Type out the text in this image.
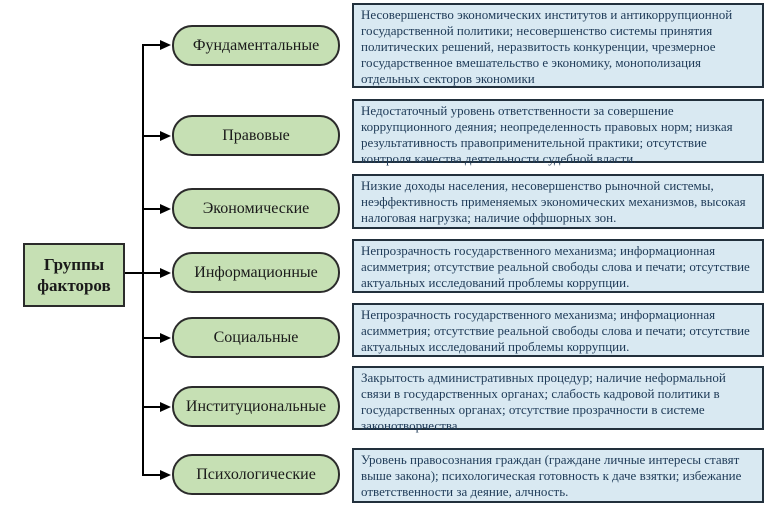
Группы факторов
Фундаментальные
Правовые
Экономические
Информационные
Социальные
Институциональные
Психологические
Несовершенство экономических институтов и антикоррупционной государственной политики; несовершенство системы принятия политических решений, неразвитость конкуренции, чрезмерное государственное вмешательство е экономику, монополизация отдельных секторов экономики
Недостаточный уровень ответственности за совершение коррупционного деяния; неопределенность правовых норм; низкая результативность правоприменительной практики; отсутствие контроля качества деятельности судебной власти.
Низкие доходы населения, несовершенство рыночной системы, неэффективность применяемых экономических механизмов, высокая налоговая нагрузка; наличие оффшорных зон.
Непрозрачность государственного механизма; информационная асимметрия; отсутствие реальной свободы слова и печати; отсутствие актуальных исследований проблемы коррупции.
Непрозрачность государственного механизма; информационная асимметрия; отсутствие реальной свободы слова и печати; отсутствие актуальных исследований проблемы коррупции.
Закрытость административных процедур; наличие неформальной связи в государственных органах; слабость кадровой политики в государственных органах; отсутствие прозрачности в системе законотворчества.
Уровень правосознания граждан (граждане личные интересы ставят выше закона); психологическая готовность к даче взятки; избежание ответственности за деяние, алчность.
